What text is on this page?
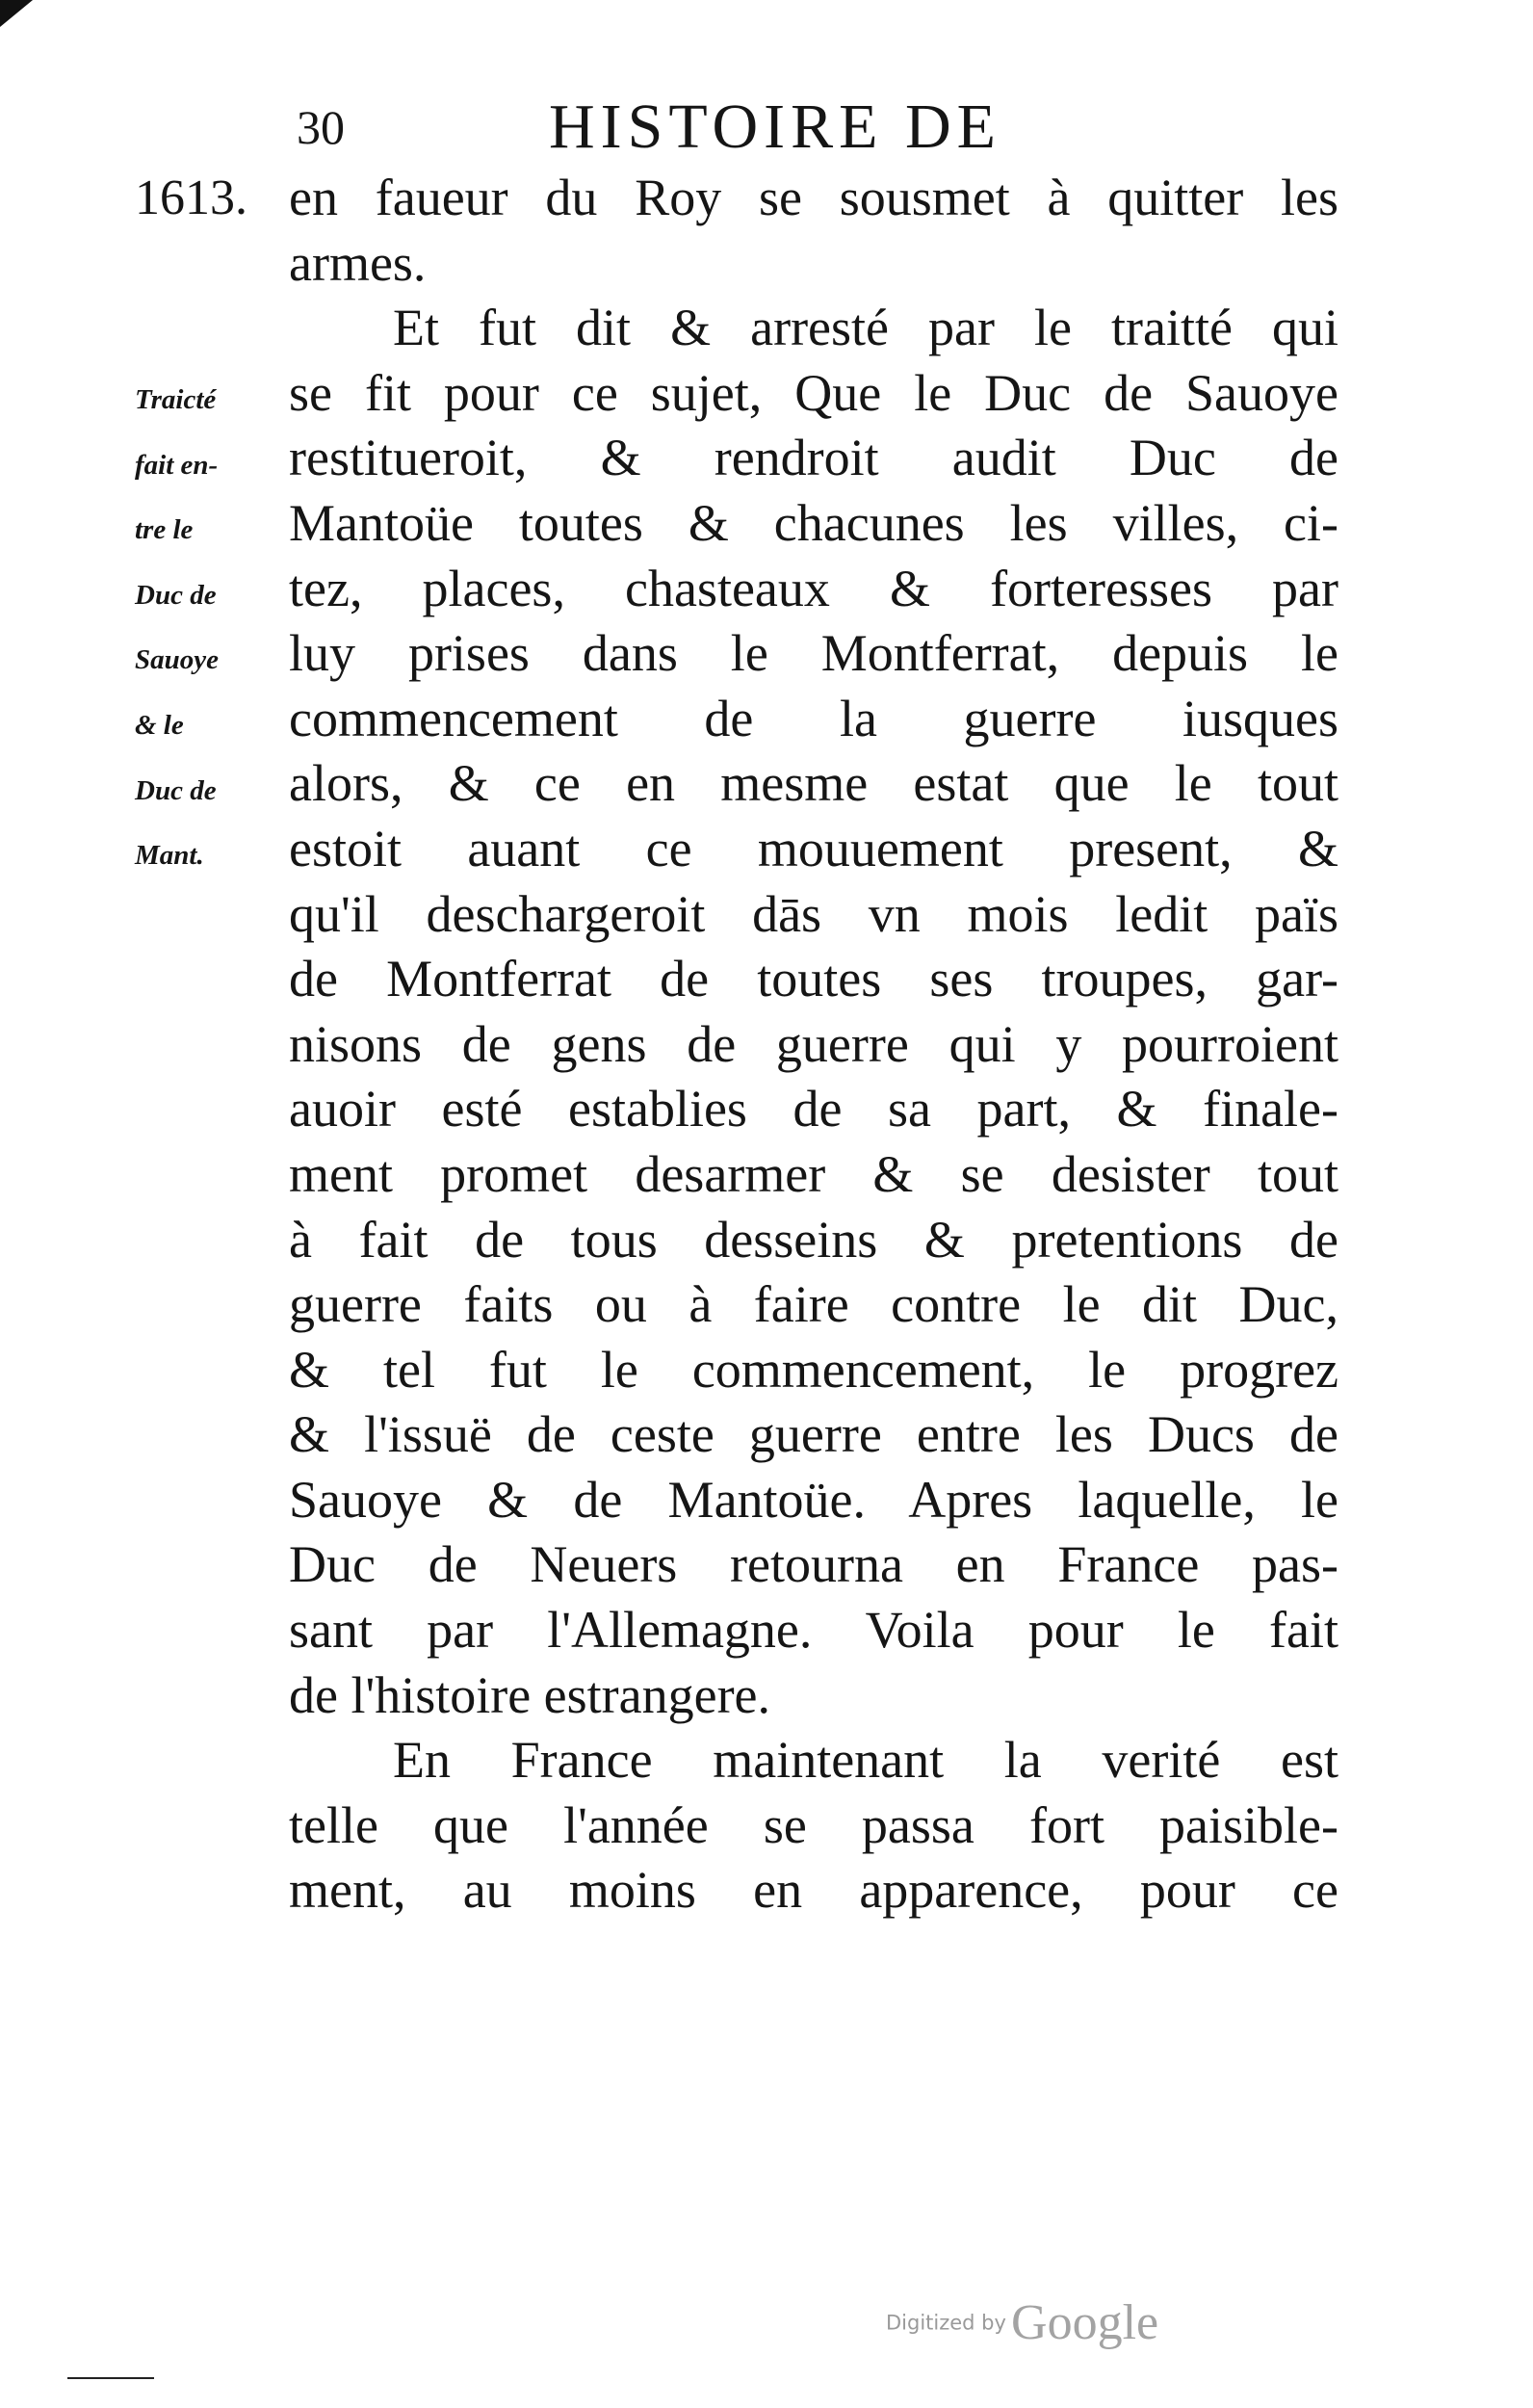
30	HISTOIRE DE
1613.
Traicté
fait en-
tre le
Duc de
Sauoye
& le
Duc de
Mant.
en faueur du Roy se sousmet à quitter les
armes.
Et fut dit & arresté par le traitté qui
se fit pour ce sujet, Que le Duc de Sauoye
restitueroit, & rendroit audit Duc de
Mantoüe toutes & chacunes les villes, ci-
tez, places, chasteaux & forteresses par
luy prises dans le Montferrat, depuis le
commencement de la guerre iusques
alors, & ce en mesme estat que le tout
estoit auant ce mouuement present, &
qu'il deschargeroit dās vn mois ledit païs
de Montferrat de toutes ses troupes, gar-
nisons de gens de guerre qui y pourroient
auoir esté establies de sa part, & finale-
ment promet desarmer & se desister tout
à fait de tous desseins & pretentions de
guerre faits ou à faire contre le dit Duc,
& tel fut le commencement, le progrez
& l'issuë de ceste guerre entre les Ducs de
Sauoye & de Mantoüe. Apres laquelle, le
Duc de Neuers retourna en France pas-
sant par l'Allemagne. Voila pour le fait
de l'histoire estrangere.
En France maintenant la verité est
telle que l'année se passa fort paisible-
ment, au moins en apparence, pour ce
Digitized by Google
